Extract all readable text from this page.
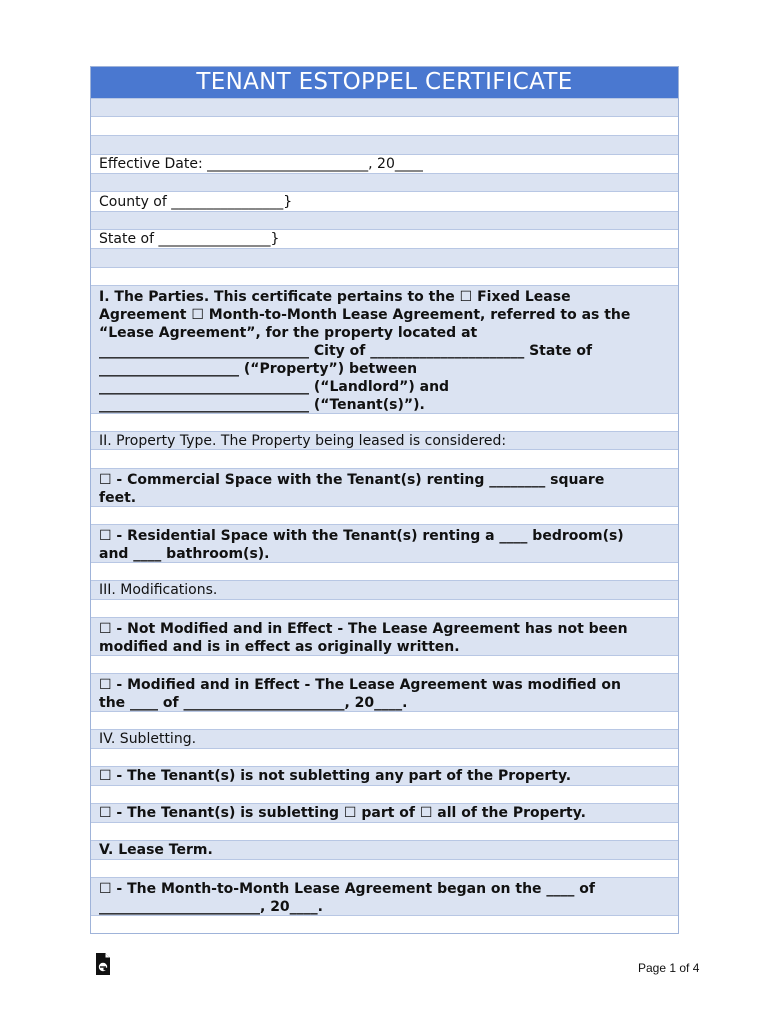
TENANT ESTOPPEL CERTIFICATE
Effective Date: _______________________, 20____
County of ________________}
State of ________________}
I. The Parties. This certificate pertains to the ☐ Fixed Lease
Agreement ☐ Month-to-Month Lease Agreement, referred to as the
“Lease Agreement”, for the property located at
______________________________ City of ______________________ State of
____________________ (“Property”) between
______________________________ (“Landlord”) and
______________________________ (“Tenant(s)”).
II. Property Type. The Property being leased is considered:
☐ - Commercial Space with the Tenant(s) renting ________ square
feet.
☐ - Residential Space with the Tenant(s) renting a ____ bedroom(s)
and ____ bathroom(s).
III. Modifications.
☐ - Not Modified and in Effect - The Lease Agreement has not been
modified and is in effect as originally written.
☐ - Modified and in Effect - The Lease Agreement was modified on
the ____ of _______________________, 20____.
IV. Subletting.
☐ - The Tenant(s) is not subletting any part of the Property.
☐ - The Tenant(s) is subletting ☐ part of ☐ all of the Property.
V. Lease Term.
☐ - The Month-to-Month Lease Agreement began on the ____ of
_______________________, 20____.
Page 1 of 4
